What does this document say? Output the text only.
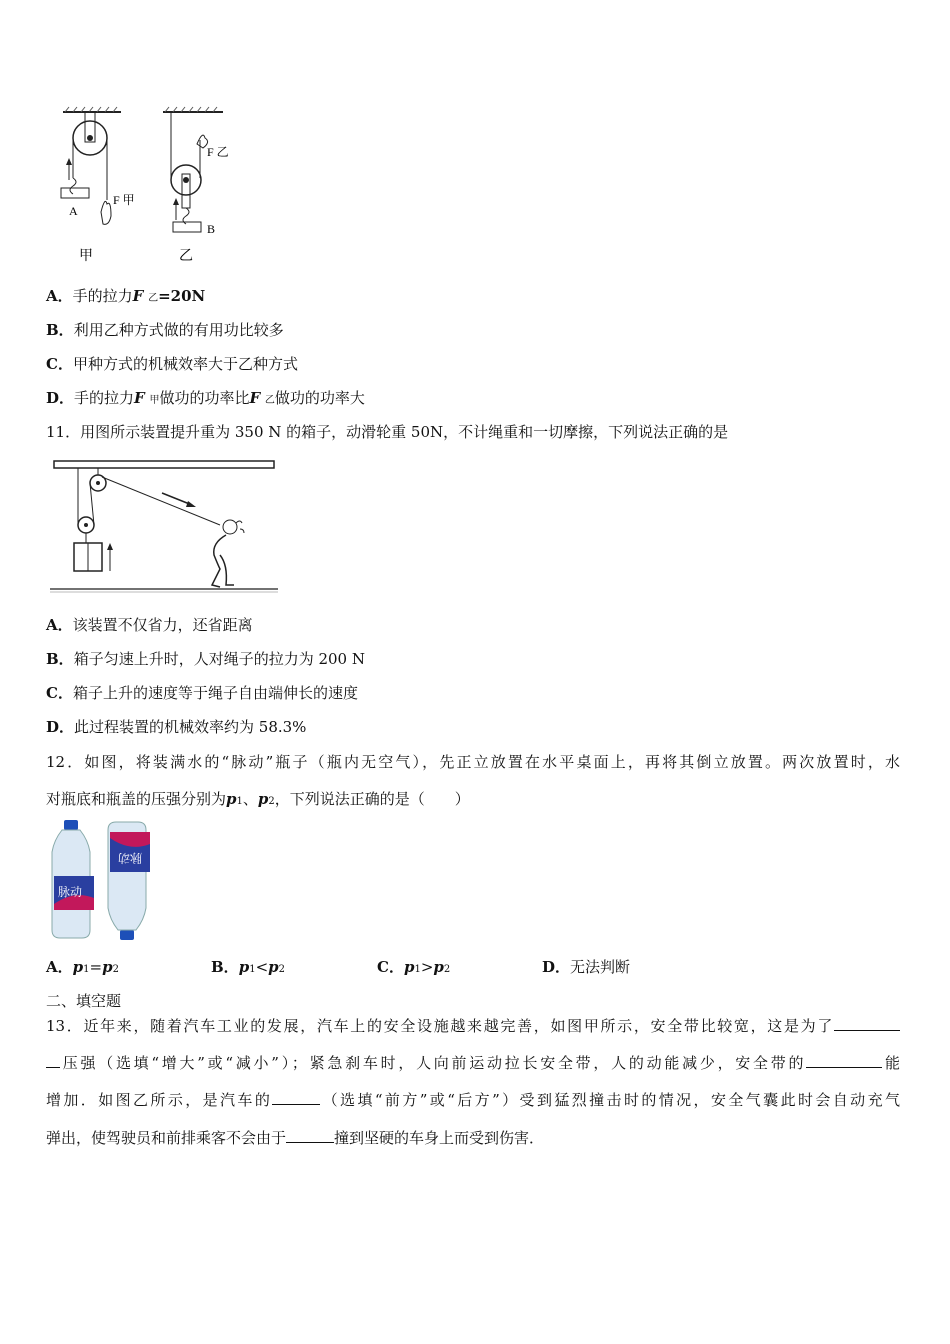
A
F 甲
甲
F 乙
B
乙
A．手的拉力F 乙=20N
B．利用乙种方式做的有用功比较多
C．甲种方式的机械效率大于乙种方式
D．手的拉力F 甲做功的功率比F 乙做功的功率大
11．用图所示装置提升重为 350 N 的箱子，动滑轮重 50N，不计绳重和一切摩擦，下列说法正确的是
A．该装置不仅省力，还省距离
B．箱子匀速上升时，人对绳子的拉力为 200 N
C．箱子上升的速度等于绳子自由端伸长的速度
D．此过程装置的机械效率约为 58.3%
12．如图，将装满水的“脉动”瓶子（瓶内无空气），先正立放置在水平桌面上，再将其倒立放置。两次放置时，水
对瓶底和瓶盖的压强分别为p1、p2，下列说法正确的是（　　）
脉动
脉动
A．p1=p2	B．p1<p2	C．p1>p2	D．无法判断
二、填空题
13．近年来，随着汽车工业的发展，汽车上的安全设施越来越完善，如图甲所示，安全带比较宽，这是为了
压强（选填“增大”或“减小”）；紧急刹车时，人向前运动拉长安全带，人的动能减少，安全带的	能
增加．如图乙所示，是汽车的	（选填“前方”或“后方”）受到猛烈撞击时的情况，安全气囊此时会自动充气
弹出，使驾驶员和前排乘客不会由于	撞到坚硬的车身上而受到伤害．
